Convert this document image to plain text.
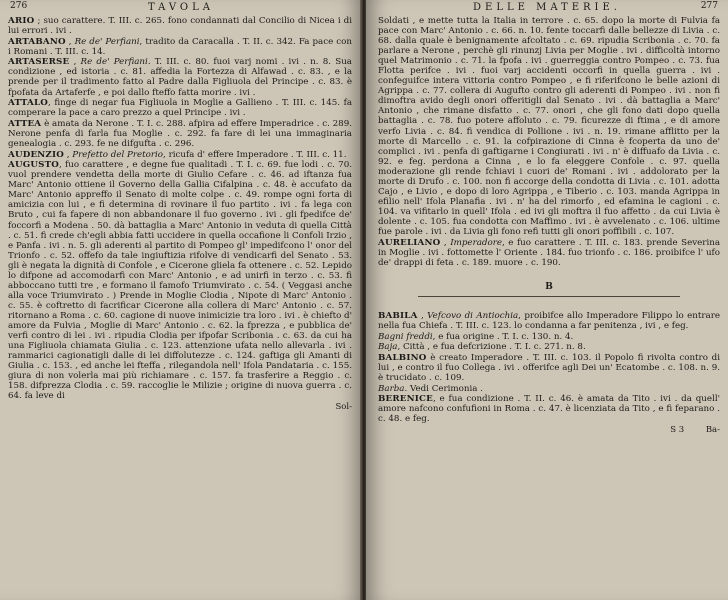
276	TAVOLA

ARIO ; suo carattere. T. III. c. 265. fono condannati dal Concilio di Nicea i di lui errori . ivi .

ARTABANO , Re de' Perfiani, tradito da Caracalla . T. II. c. 342. Fa pace con i Romani . T. III. c. 14.

ARTASERSE , Re de' Perfiani. T. III. c. 80. fuoi varj nomi . ivi . n. 8. Sua condizione , ed istoria . c. 81. affedia la Fortezza di Alfawad . c. 83. , e la prende per il tradimento fatto al Padre dalla Figliuola del Principe . c. 83. è fpofata da Artaferfe , e poi dallo fteffo fatta morire . ivi .

ATTALO, finge di negar fua Figliuola in Moglie a Gallieno . T. III. c. 145. fa comperare la pace a caro prezzo a quel Principe . ivi .

ATTEA è amata da Nerone . T. I. c. 288. afpira ad effere Imperadrice . c. 289. Nerone penfa di farla fua Moglie . c. 292. fa fare di lei una immaginaria genealogia . c. 293. fe ne difgufta . c. 296.

AUDENZIO , Prefetto del Pretorio, ricufa d' effere Imperadore . T. III. c. 11.

AUGUSTO, fuo carattere , e degne fue qualitadi . T. I. c. 69. fue lodi . c. 70. vuol prendere vendetta della morte di Giulio Cefare . c. 46. ad iftanza fua Marc' Antonio ottiene il Governo della Gallia Cifalpina . c. 48. è accufato da Marc' Antonio appreffo il Senato di molte colpe . c. 49. rompe ogni forta di amicizia con lui , e fi determina di rovinare il fuo partito . ivi . fa lega con Bruto , cui fa fapere di non abbandonare il fuo governo . ivi . gli fpedifce de' foccorfi a Modena . 50. dà battaglia a Marc' Antonio in veduta di quella Città . c. 51. fi crede ch'egli abbia fatti uccidere in quella occafione li Confoli Irzio , e Panfa . ivi . n. 5. gli aderenti al partito di Pompeo gl' impedifcono l' onor del Trionfo . c. 52. offefo da tale ingiuftizia rifolve di vendicarfi del Senato . 53. gli è negata la dignità di Confole , e Cicerone gliela fa ottenere . c. 52. Lepido lo difpone ad accomodarfi con Marc' Antonio , e ad unirfi in terzo . c. 53. fi abboccano tutti tre , e formano il famofo Triumvirato . c. 54. ( Veggasi anche alla voce Triumvirato . ) Prende in Moglie Clodia , Nipote di Marc' Antonio . c. 55. è coftretto di facrificar Cicerone alla collera di Marc' Antonio . c. 57. ritornano a Roma . c. 60. cagione di nuove inimicizie tra loro . ivi . è chiefto d' amore da Fulvia , Moglie di Marc' Antonio . c. 62. la fprezza , e pubblica de' verfi contro di lei . ivi . ripudia Clodia per ifpofar Scribonia . c. 63. da cui ha una Figliuola chiamata Giulia . c. 123. attenzione ufata nello allevarla . ivi . rammarici cagionatigli dalle di lei diffolutezze . c. 124. gaftiga gli Amanti di Giulia . c. 153. , ed anche lei fteffa , rilegandola nell' Ifola Pandataria . c. 155. giura di non volerla mai più richiamare . c. 157. fa trasferire a Reggio . c. 158. difprezza Clodia . c. 59. raccoglie le Milizie ; origine di nuova guerra . c. 64. fa leve di

Sol-
DELLE MATERIE.	277

Soldati , e mette tutta la Italia in terrore . c. 65. dopo la morte di Fulvia fa pace con Marc' Antonio . c. 66. n. 10. fente toccarfi dalle bellezze di Livia . c. 68. dalla quale è benignamente afcoltato . c. 69. ripudia Scribonia . c. 70. fa parlare a Nerone , perchè gli rinunzj Livia per Moglie . ivi . difficoltà intorno quel Matrimonio . c. 71. la fpofa . ivi . guerreggia contro Pompeo . c. 73. fua Flotta perifce . ivi . fuoi varj accidenti occorfi in quella guerra . ivi . confeguifce intera vittoria contro Pompeo , e fi riferifcono le belle azioni di Agrippa . c. 77. collera di Augufto contro gli aderenti di Pompeo . ivi . non fi dimoftra avido degli onori offeritigli dal Senato . ivi . dà battaglia a Marc' Antonio , che rimane disfatto . c. 77. onori , che gli fono dati dopo quella battaglia . c. 78. fuo potere affoluto . c. 79. ficurezze di ftima , e di amore verfo Livia . c. 84. fi vendica di Pollione . ivi . n. 19. rimane afflitto per la morte di Marcello . c. 91. la cofpirazione di Cinna è fcoperta da uno de' complici . ivi . penfa di gaftigarne i Congiurati . ivi . n' è diffuafo da Livia . c. 92. e feg. perdona a Cinna , e lo fa eleggere Confole . c. 97. quella moderazione gli rende fchiavi i cuori de' Romani . ivi . addolorato per la morte di Drufo . c. 100. non fi accorge della condotta di Livia . c. 101. adotta Cajo , e Livio , e dopo di loro Agrippa , e Tiberio . c. 103. manda Agrippa in efilio nell' Ifola Planafia . ivi . n' ha del rimorfo , ed efamina le cagioni . c. 104. va vifitarlo in quell' Ifola . ed ivi gli moftra il fuo affetto . da cui Livia è dolente . c. 105. fua condotta con Maffimo . ivi . è avvelenato . c. 106. ultime fue parole . ivi . da Livia gli fono refi tutti gli onori poffibili . c. 107.

AURELIANO , Imperadore, e fuo carattere . T. III. c. 183. prende Severina in Moglie . ivi . fottomette l' Oriente . 184. fuo trionfo . c. 186. proibifce l' ufo de' drappi di feta . c. 189. muore . c. 190.

B

BABILA , Vefcovo di Antiochia, proibifce allo Imperadore Filippo lo entrare nella fua Chiefa . T. III. c. 123. lo condanna a far penitenza , ivi , e feg.

Bagni freddi, e fua origine . T. I. c. 130. n. 4.

Baja, Città , e fua defcrizione . T. I. c. 271. n. 8.

BALBINO è creato Imperadore . T. III. c. 103. il Popolo fi rivolta contro di lui , e contro il fuo Collega . ivi . offerifce agli Dei un' Ecatombe . c. 108. n. 9. è trucidato . c. 109.

Barba. Vedi Cerimonia .

BERENICE, e fua condizione . T. II. c. 46. è amata da Tito . ivi . da quell' amore nafcono confufioni in Roma . c. 47. è licenziata da Tito , e fi feparano . c. 48. e feg.

S 3	Ba-
